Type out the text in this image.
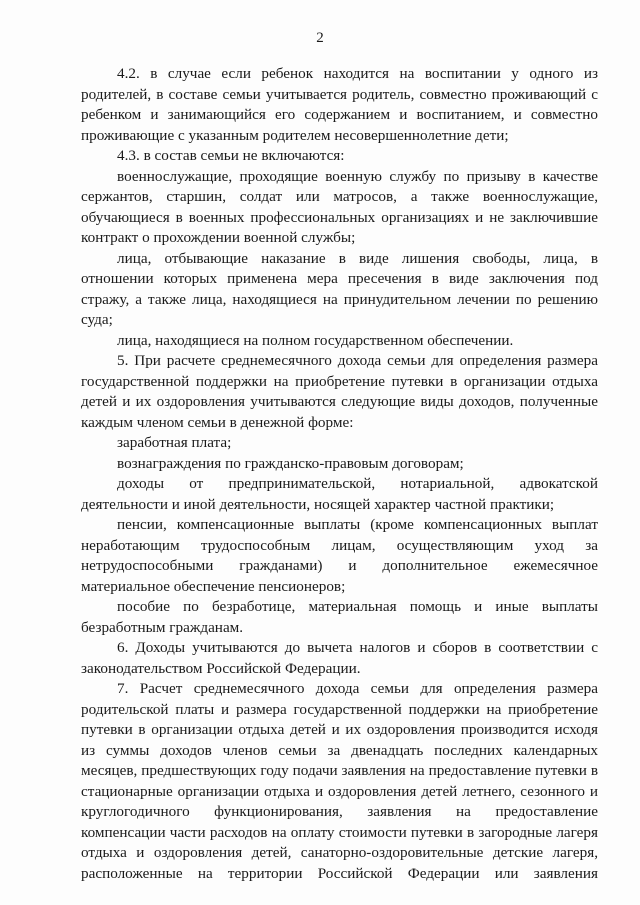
2

4.2. в случае если ребенок находится на воспитании у одного из родителей, в составе семьи учитывается родитель, совместно проживающий с ребенком и занимающийся его содержанием и воспитанием, и совместно проживающие с указанным родителем несовершеннолетние дети;

4.3. в состав семьи не включаются:

военнослужащие, проходящие военную службу по призыву в качестве сержантов, старшин, солдат или матросов, а также военнослужащие, обучающиеся в военных профессиональных организациях и не заключившие контракт о прохождении военной службы;

лица, отбывающие наказание в виде лишения свободы, лица, в отношении которых применена мера пресечения в виде заключения под стражу, а также лица, находящиеся на принудительном лечении по решению суда;

лица, находящиеся на полном государственном обеспечении.

5. При расчете среднемесячного дохода семьи для определения размера государственной поддержки на приобретение путевки в организации отдыха детей и их оздоровления учитываются следующие виды доходов, полученные каждым членом семьи в денежной форме:

заработная плата;

вознаграждения по гражданско-правовым договорам;

доходы от предпринимательской, нотариальной, адвокатской деятельности и иной деятельности, носящей характер частной практики;

пенсии, компенсационные выплаты (кроме компенсационных выплат неработающим трудоспособным лицам, осуществляющим уход за нетрудоспособными гражданами) и дополнительное ежемесячное материальное обеспечение пенсионеров;

пособие по безработице, материальная помощь и иные выплаты безработным гражданам.

6. Доходы учитываются до вычета налогов и сборов в соответствии с законодательством Российской Федерации.

7. Расчет среднемесячного дохода семьи для определения размера родительской платы и размера государственной поддержки на приобретение путевки в организации отдыха детей и их оздоровления производится исходя из суммы доходов членов семьи за двенадцать последних календарных месяцев, предшествующих году подачи заявления на предоставление путевки в стационарные организации отдыха и оздоровления детей летнего, сезонного и круглогодичного функционирования, заявления на предоставление компенсации части расходов на оплату стоимости путевки в загородные лагеря отдыха и оздоровления детей, санаторно-оздоровительные детские лагеря, расположенные на территории Российской Федерации или заявления
